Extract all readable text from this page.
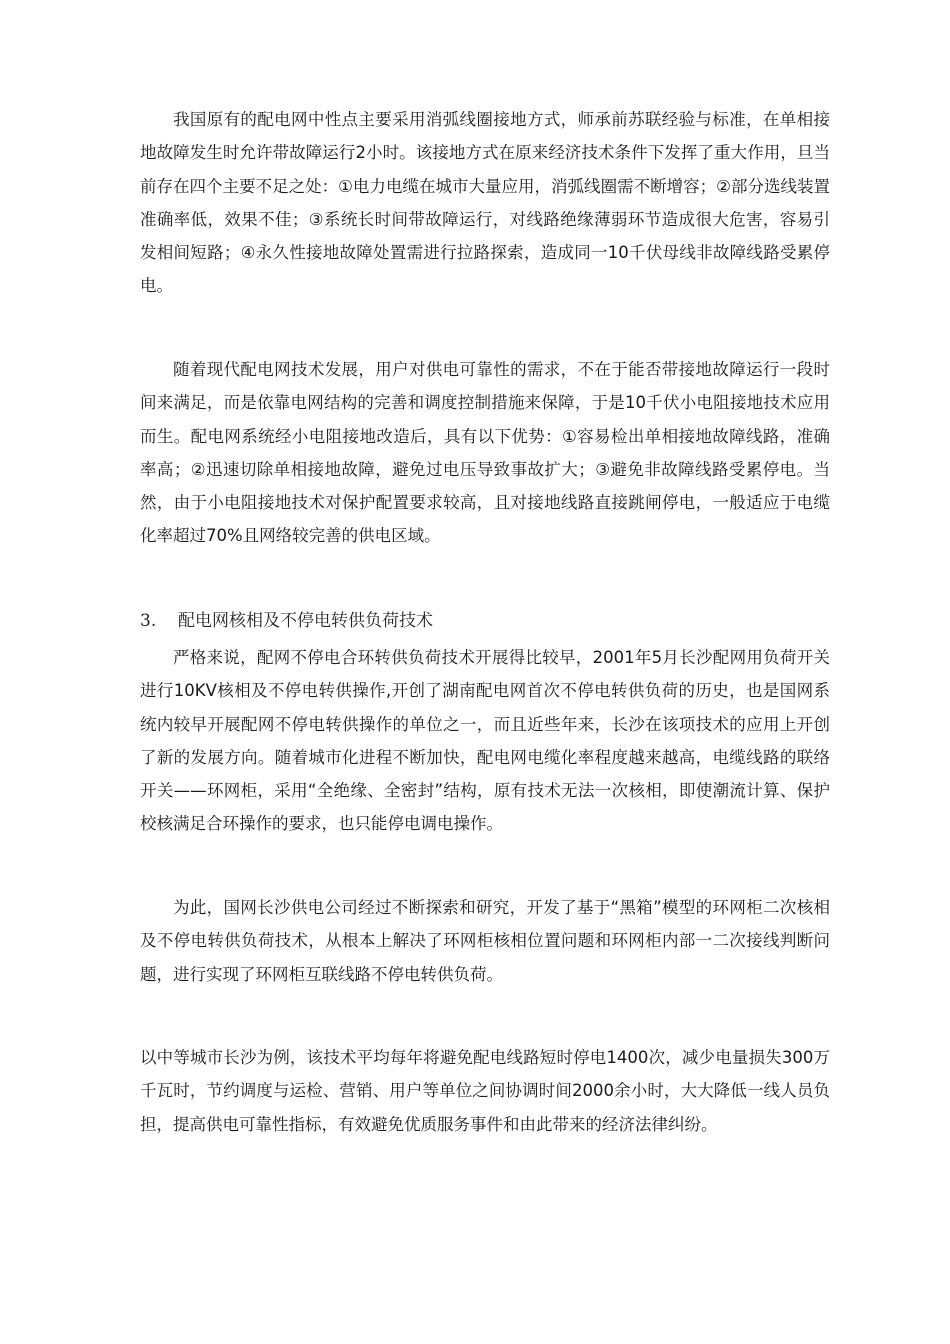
我国原有的配电网中性点主要采用消弧线圈接地方式，师承前苏联经验与标准，在单相接地故障发生时允许带故障运行2小时。该接地方式在原来经济技术条件下发挥了重大作用，旦当前存在四个主要不足之处：①电力电缆在城市大量应用，消弧线圈需不断增容；②部分选线装置准确率低，效果不佳；③系统长时间带故障运行，对线路绝缘薄弱环节造成很大危害，容易引发相间短路；④永久性接地故障处置需进行拉路探索，造成同一10千伏母线非故障线路受累停电。

随着现代配电网技术发展，用户对供电可靠性的需求，不在于能否带接地故障运行一段时间来满足，而是依靠电网结构的完善和调度控制措施来保障，于是10千伏小电阻接地技术应用而生。配电网系统经小电阻接地改造后，具有以下优势：①容易检出单相接地故障线路，准确率高；②迅速切除单相接地故障，避免过电压导致事故扩大；③避免非故障线路受累停电。当然，由于小电阻接地技术对保护配置要求较高，且对接地线路直接跳闸停电，一般适应于电缆化率超过70%且网络较完善的供电区域。

3. 配电网核相及不停电转供负荷技术

严格来说，配网不停电合环转供负荷技术开展得比较早，2001年5月长沙配网用负荷开关进行10KV核相及不停电转供操作,开创了湖南配电网首次不停电转供负荷的历史，也是国网系统内较早开展配网不停电转供操作的单位之一，而且近些年来，长沙在该项技术的应用上开创了新的发展方向。随着城市化进程不断加快，配电网电缆化率程度越来越高，电缆线路的联络开关——环网柜，采用“全绝缘、全密封”结构，原有技术无法一次核相，即使潮流计算、保护校核满足合环操作的要求，也只能停电调电操作。

为此，国网长沙供电公司经过不断探索和研究，开发了基于“黑箱”模型的环网柜二次核相及不停电转供负荷技术，从根本上解决了环网柜核相位置问题和环网柜内部一二次接线判断问题，进行实现了环网柜互联线路不停电转供负荷。

以中等城市长沙为例，该技术平均每年将避免配电线路短时停电1400次，减少电量损失300万千瓦时，节约调度与运检、营销、用户等单位之间协调时间2000余小时，大大降低一线人员负担，提高供电可靠性指标，有效避免优质服务事件和由此带来的经济法律纠纷。
